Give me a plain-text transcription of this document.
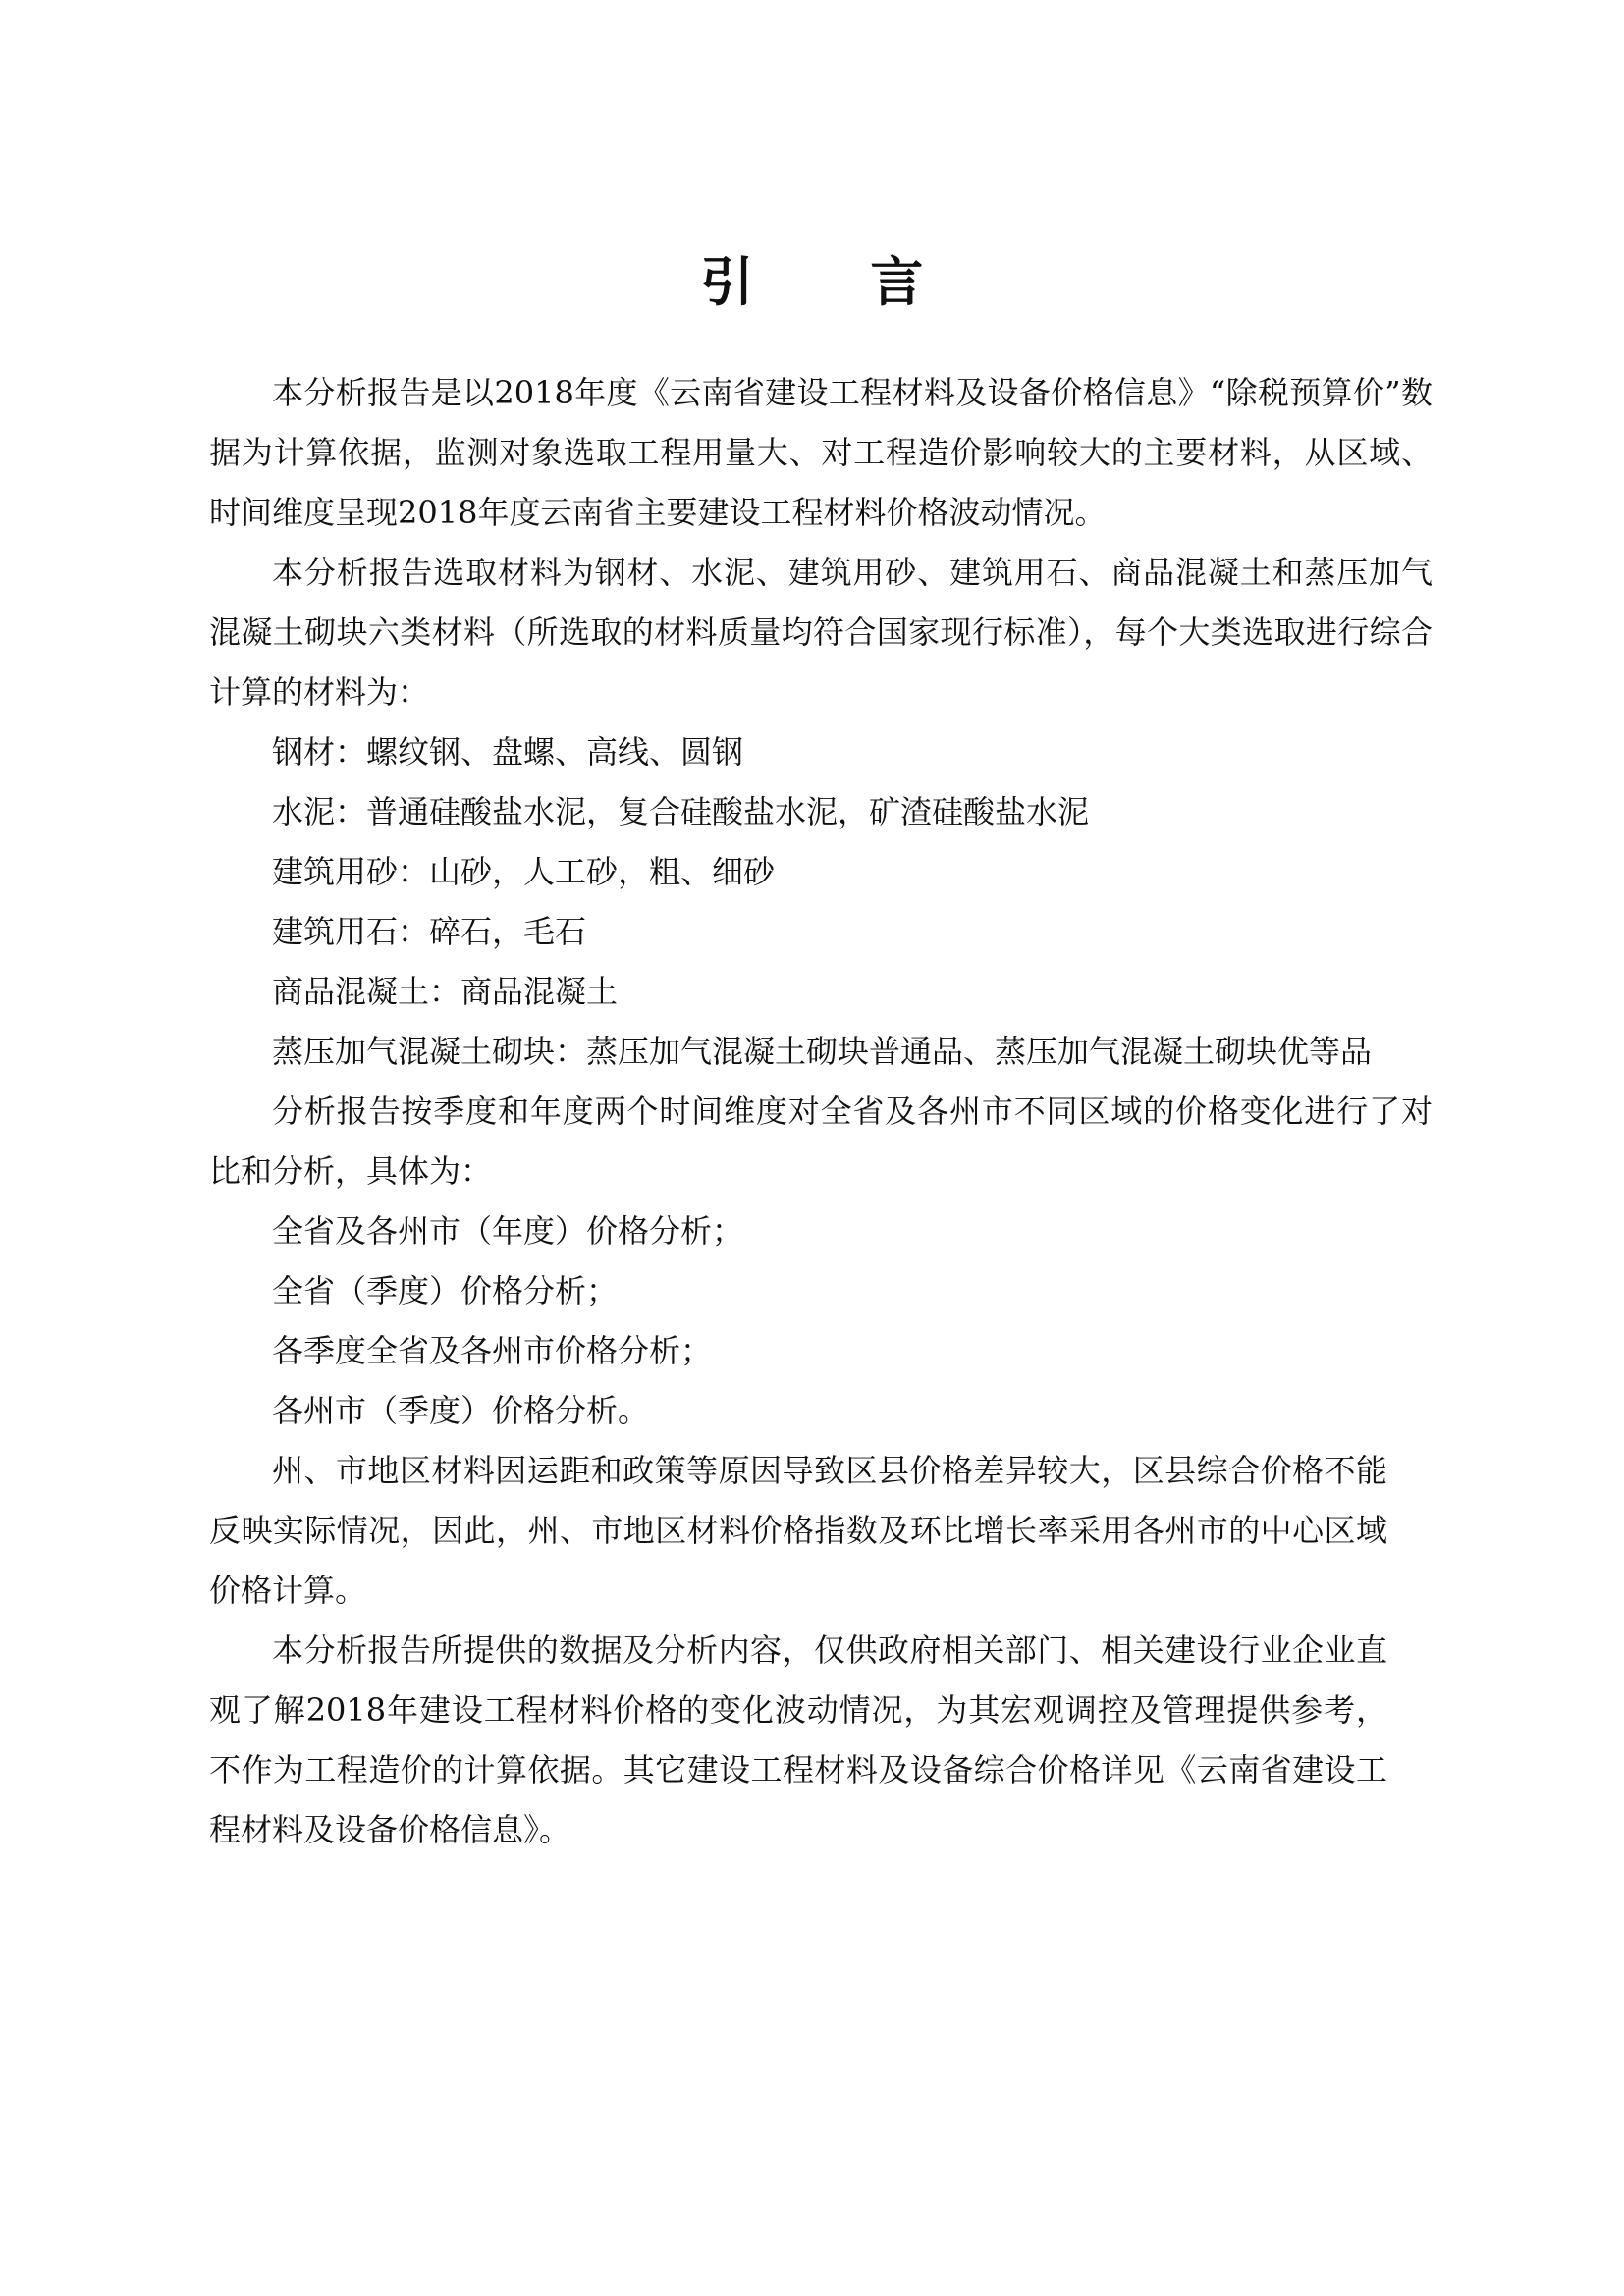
引 言

本分析报告是以2018年度《云南省建设工程材料及设备价格信息》“除税预算价”数据为计算依据，监测对象选取工程用量大、对工程造价影响较大的主要材料，从区域、时间维度呈现2018年度云南省主要建设工程材料价格波动情况。

本分析报告选取材料为钢材、水泥、建筑用砂、建筑用石、商品混凝土和蒸压加气混凝土砌块六类材料（所选取的材料质量均符合国家现行标准），每个大类选取进行综合计算的材料为：

钢材：螺纹钢、盘螺、高线、圆钢

水泥：普通硅酸盐水泥，复合硅酸盐水泥，矿渣硅酸盐水泥

建筑用砂：山砂，人工砂，粗、细砂

建筑用石：碎石，毛石

商品混凝土：商品混凝土

蒸压加气混凝土砌块：蒸压加气混凝土砌块普通品、蒸压加气混凝土砌块优等品

分析报告按季度和年度两个时间维度对全省及各州市不同区域的价格变化进行了对比和分析，具体为：

全省及各州市（年度）价格分析；

全省（季度）价格分析；

各季度全省及各州市价格分析；

各州市（季度）价格分析。

州、市地区材料因运距和政策等原因导致区县价格差异较大，区县综合价格不能反映实际情况，因此，州、市地区材料价格指数及环比增长率采用各州市的中心区域价格计算。

本分析报告所提供的数据及分析内容，仅供政府相关部门、相关建设行业企业直观了解2018年建设工程材料价格的变化波动情况，为其宏观调控及管理提供参考，不作为工程造价的计算依据。其它建设工程材料及设备综合价格详见《云南省建设工程材料及设备价格信息》。
